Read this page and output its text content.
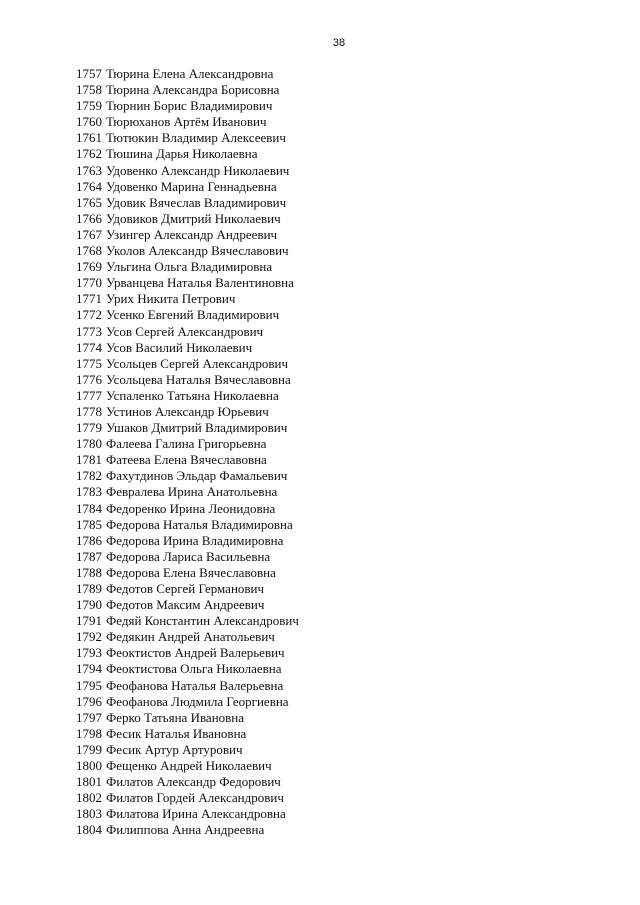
38
1757 Тюрина Елена Александровна
1758 Тюрина Александра Борисовна
1759 Тюрнин Борис Владимирович
1760 Тюрюханов Артём Иванович
1761 Тютюкин Владимир Алексеевич
1762 Тюшина Дарья Николаевна
1763 Удовенко Александр Николаевич
1764 Удовенко Марина Геннадьевна
1765 Удовик Вячеслав Владимирович
1766 Удовиков Дмитрий Николаевич
1767 Узингер Александр Андреевич
1768 Уколов Александр Вячеславович
1769 Ульгина Ольга Владимировна
1770 Урванцева Наталья Валентиновна
1771 Урих Никита Петрович
1772 Усенко Евгений Владимирович
1773 Усов Сергей Александрович
1774 Усов Василий Николаевич
1775 Усольцев Сергей Александрович
1776 Усольцева Наталья Вячеславовна
1777 Успаленко Татьяна Николаевна
1778 Устинов Александр Юрьевич
1779 Ушаков Дмитрий Владимирович
1780 Фалеева Галина Григорьевна
1781 Фатеева Елена Вячеславовна
1782 Фахутдинов Эльдар Фамальевич
1783 Февралева Ирина Анатольевна
1784 Федоренко Ирина Леонидовна
1785 Федорова Наталья Владимировна
1786 Федорова Ирина Владимировна
1787 Федорова Лариса Васильевна
1788 Федорова Елена Вячеславовна
1789 Федотов Сергей Германович
1790 Федотов Максим Андреевич
1791 Федяй Константин Александрович
1792 Федякин Андрей Анатольевич
1793 Феоктистов Андрей Валерьевич
1794 Феоктистова Ольга Николаевна
1795 Феофанова Наталья Валерьевна
1796 Феофанова Людмила Георгиевна
1797 Ферко Татьяна Ивановна
1798 Фесик Наталья Ивановна
1799 Фесик Артур Артурович
1800 Фещенко Андрей Николаевич
1801 Филатов Александр Федорович
1802 Филатов Гордей Александрович
1803 Филатова Ирина Александровна
1804 Филиппова Анна Андреевна
